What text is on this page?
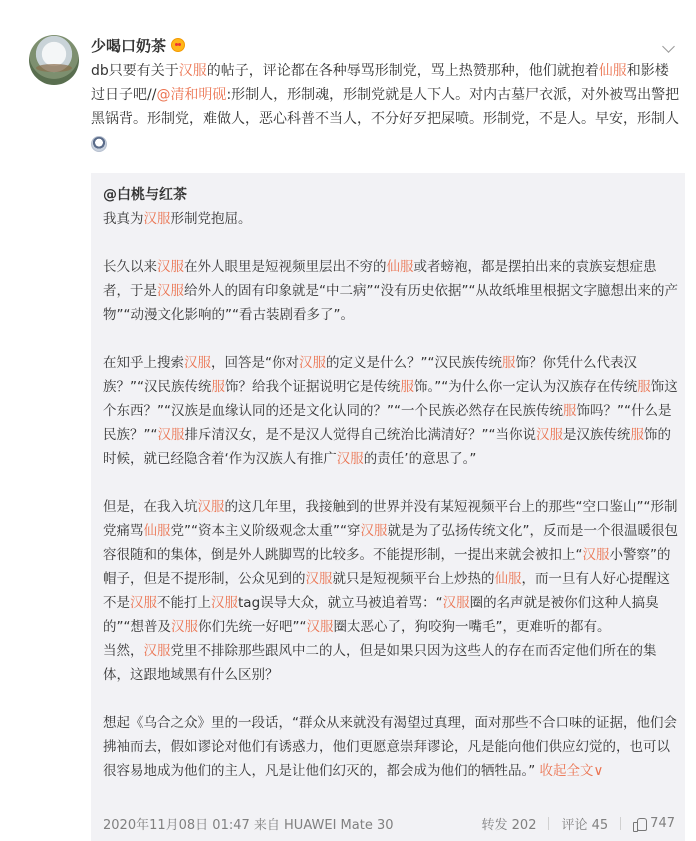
少喝口奶茶
db只要有关于汉服的帖子，评论都在各种辱骂形制党，骂上热赞那种，他们就抱着仙服和影楼过日子吧//@清和明砚:形制人，形制魂，形制党就是人下人。对内古墓尸衣派，对外被骂出警把黑锅背。形制党，难做人，恶心科普不当人，不分好歹把屎喷。形制党，不是人。早安，形制人
@白桃与红茶

我真为汉服形制党抱屈。

长久以来汉服在外人眼里是短视频里层出不穷的仙服或者螃袍，都是摆拍出来的袁族妄想症患者，于是汉服给外人的固有印象就是“中二病”“没有历史依据”“从故纸堆里根据文字臆想出来的产物”“动漫文化影响的”“看古装剧看多了”。

在知乎上搜索汉服，回答是“你对汉服的定义是什么？”“汉民族传统服饰？你凭什么代表汉族？”“汉民族传统服饰？给我个证据说明它是传统服饰。”“为什么你一定认为汉族存在传统服饰这个东西？”“汉族是血缘认同的还是文化认同的？”“一个民族必然存在民族传统服饰吗？”“什么是民族？”“汉服排斥清汉女，是不是汉人觉得自己统治比满清好？”“当你说汉服是汉族传统服饰的时候，就已经隐含着‘作为汉族人有推广汉服的责任’的意思了。”

但是，在我入坑汉服的这几年里，我接触到的世界并没有某短视频平台上的那些“空口鉴山”“形制党痛骂仙服党”“资本主义阶级观念太重”“穿汉服就是为了弘扬传统文化”，反而是一个很温暖很包容很随和的集体，倒是外人跳脚骂的比较多。不能提形制，一提出来就会被扣上“汉服小警察”的帽子，但是不提形制，公众见到的汉服就只是短视频平台上炒热的仙服，而一旦有人好心提醒这不是汉服不能打上汉服tag误导大众，就立马被追着骂：“汉服圈的名声就是被你们这种人搞臭的”“想普及汉服你们先统一好吧”“汉服圈太恶心了，狗咬狗一嘴毛”，更难听的都有。

当然，汉服党里不排除那些跟风中二的人，但是如果只因为这些人的存在而否定他们所在的集体，这跟地域黑有什么区别？

想起《乌合之众》里的一段话，“群众从来就没有渴望过真理，面对那些不合口味的证据，他们会拂袖而去，假如谬论对他们有诱惑力，他们更愿意崇拜谬论，凡是能向他们供应幻觉的，也可以很容易地成为他们的主人，凡是让他们幻灭的，都会成为他们的牺牲品。” 收起全文∨

2020年11月08日 01:47 来自 HUAWEI Mate 30	转发 202 评论 45	747
